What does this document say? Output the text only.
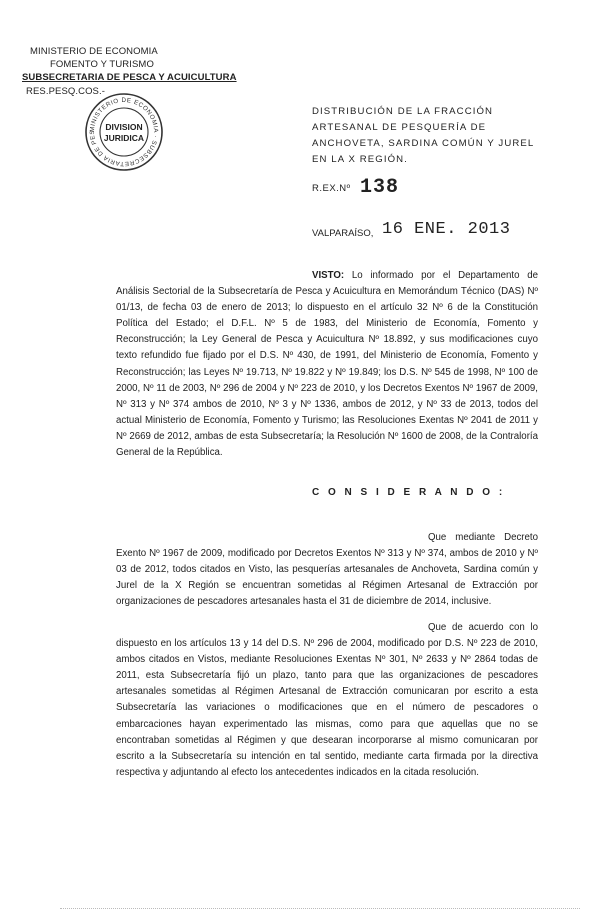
MINISTERIO DE ECONOMIA
FOMENTO Y TURISMO
SUBSECRETARIA DE PESCA Y ACUICULTURA
RES.PESQ.COS.-
MINISTERIO DE ECONOMIA · SUBSECRETARIA DE PES
DIVISION
JURIDICA
DISTRIBUCIÓN DE LA FRACCIÓN ARTESANAL DE PESQUERÍA DE ANCHOVETA, SARDINA COMÚN Y JUREL EN LA X REGIÓN.
R.EX.Nº 138
VALPARAÍSO, 16 ENE. 2013
VISTO: Lo informado por el Departamento de Análisis Sectorial de la Subsecretaría de Pesca y Acuicultura en Memorándum Técnico (DAS) Nº 01/13, de fecha 03 de enero de 2013; lo dispuesto en el artículo 32 Nº 6 de la Constitución Política del Estado; el D.F.L. Nº 5 de 1983, del Ministerio de Economía, Fomento y Reconstrucción; la Ley General de Pesca y Acuicultura Nº 18.892, y sus modificaciones cuyo texto refundido fue fijado por el D.S. Nº 430, de 1991, del Ministerio de Economía, Fomento y Reconstrucción; las Leyes Nº 19.713, Nº 19.822 y Nº 19.849; los D.S. Nº 545 de 1998, Nº 100 de 2000, Nº 11 de 2003, Nº 296 de 2004 y Nº 223 de 2010, y los Decretos Exentos Nº 1967 de 2009, Nº 313 y Nº 374 ambos de 2010, Nº 3 y Nº 1336, ambos de 2012, y Nº 33 de 2013, todos del actual Ministerio de Economía, Fomento y Turismo; las Resoluciones Exentas Nº 2041 de 2011 y Nº 2669 de 2012, ambas de esta Subsecretaría; la Resolución Nº 1600 de 2008, de la Contraloría General de la República.
C O N S I D E R A N D O :
Que mediante Decreto Exento Nº 1967 de 2009, modificado por Decretos Exentos Nº 313 y Nº 374, ambos de 2010 y Nº 03 de 2012, todos citados en Visto, las pesquerías artesanales de Anchoveta, Sardina común y Jurel de la X Región se encuentran sometidas al Régimen Artesanal de Extracción por organizaciones de pescadores artesanales hasta el 31 de diciembre de 2014, inclusive.
Que de acuerdo con lo dispuesto en los artículos 13 y 14 del D.S. Nº 296 de 2004, modificado por D.S. Nº 223 de 2010, ambos citados en Vistos, mediante Resoluciones Exentas Nº 301, Nº 2633 y Nº 2864 todas de 2011, esta Subsecretaría fijó un plazo, tanto para que las organizaciones de pescadores artesanales sometidas al Régimen Artesanal de Extracción comunicaran por escrito a esta Subsecretaría las variaciones o modificaciones que en el número de pescadores o embarcaciones hayan experimentado las mismas, como para que aquellas que no se encontraban sometidas al Régimen y que desearan incorporarse al mismo comunicaran por escrito a la Subsecretaría su intención en tal sentido, mediante carta firmada por la directiva respectiva y adjuntando al efecto los antecedentes indicados en la citada resolución.
